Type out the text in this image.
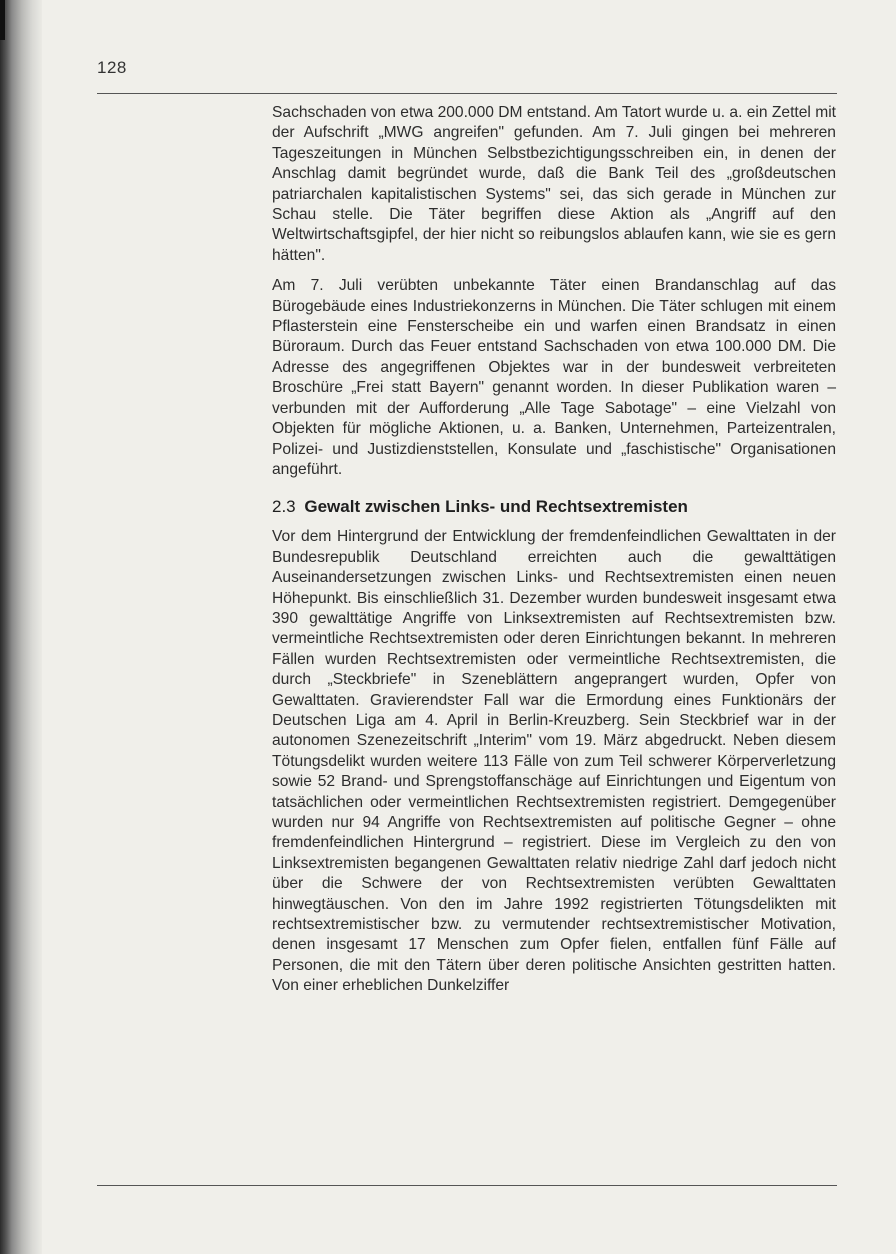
128

Sachschaden von etwa 200.000 DM entstand. Am Tatort wurde u. a. ein Zettel mit der Aufschrift „MWG angreifen" gefunden. Am 7. Juli gingen bei mehreren Tageszeitungen in München Selbstbezichtigungsschreiben ein, in denen der Anschlag damit begründet wurde, daß die Bank Teil des „großdeutschen patriarchalen kapitalistischen Systems" sei, das sich gerade in München zur Schau stelle. Die Täter begriffen diese Aktion als „Angriff auf den Weltwirtschaftsgipfel, der hier nicht so reibungslos ablaufen kann, wie sie es gern hätten".

Am 7. Juli verübten unbekannte Täter einen Brandanschlag auf das Bürogebäude eines Industriekonzerns in München. Die Täter schlugen mit einem Pflasterstein eine Fensterscheibe ein und warfen einen Brandsatz in einen Büroraum. Durch das Feuer entstand Sachschaden von etwa 100.000 DM. Die Adresse des angegriffenen Objektes war in der bundesweit verbreiteten Broschüre „Frei statt Bayern" genannt worden. In dieser Publikation waren – verbunden mit der Aufforderung „Alle Tage Sabotage" – eine Vielzahl von Objekten für mögliche Aktionen, u. a. Banken, Unternehmen, Parteizentralen, Polizei- und Justizdienststellen, Konsulate und „faschistische" Organisationen angeführt.

2.3 Gewalt zwischen Links- und Rechtsextremisten

Vor dem Hintergrund der Entwicklung der fremdenfeindlichen Gewalttaten in der Bundesrepublik Deutschland erreichten auch die gewalttätigen Auseinandersetzungen zwischen Links- und Rechtsextremisten einen neuen Höhepunkt. Bis einschließlich 31. Dezember wurden bundesweit insgesamt etwa 390 gewalttätige Angriffe von Linksextremisten auf Rechtsextremisten bzw. vermeintliche Rechtsextremisten oder deren Einrichtungen bekannt. In mehreren Fällen wurden Rechtsextremisten oder vermeintliche Rechtsextremisten, die durch „Steckbriefe" in Szeneblättern angeprangert wurden, Opfer von Gewalttaten. Gravierendster Fall war die Ermordung eines Funktionärs der Deutschen Liga am 4. April in Berlin-Kreuzberg. Sein Steckbrief war in der autonomen Szenezeitschrift „Interim" vom 19. März abgedruckt. Neben diesem Tötungsdelikt wurden weitere 113 Fälle von zum Teil schwerer Körperverletzung sowie 52 Brand- und Sprengstoffanschäge auf Einrichtungen und Eigentum von tatsächlichen oder vermeintlichen Rechtsextremisten registriert. Demgegenüber wurden nur 94 Angriffe von Rechtsextremisten auf politische Gegner – ohne fremdenfeindlichen Hintergrund – registriert. Diese im Vergleich zu den von Linksextremisten begangenen Gewalttaten relativ niedrige Zahl darf jedoch nicht über die Schwere der von Rechtsextremisten verübten Gewalttaten hinwegtäuschen. Von den im Jahre 1992 registrierten Tötungsdelikten mit rechtsextremistischer bzw. zu vermutender rechtsextremistischer Motivation, denen insgesamt 17 Menschen zum Opfer fielen, entfallen fünf Fälle auf Personen, die mit den Tätern über deren politische Ansichten gestritten hatten. Von einer erheblichen Dunkelziffer
